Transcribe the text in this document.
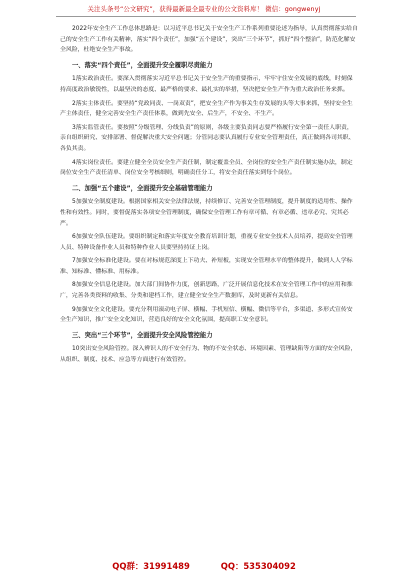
关注头条号“公文研究”，获得最新最全最专业的公文资料库！ 微信：gongwenyj

2022年安全生产工作总体思路是：以习近平总书记关于安全生产工作系列重要论述为指导，认真贯彻落实给自己的安全生产工作有关精神，落实“四个责任”，加强“五个建设”，突出“三个环节”，抓好“四个整治”，防范化解安全风险，杜绝安全生产事故。

一、落实“四个责任”，全面提升安全履职尽责能力

1落实政治责任。要深入贯彻落实习近平总书记关于安全生产的重要指示，牢牢守住安全发展的底线，时刻保持高度政治敏锐性，以最坚决的态度、最严格的要求、最扎实的举措，坚决把安全生产作为重大政治任务来抓。

2落实主体责任。要坚持“党政同责、一岗双责”，把安全生产作为事关生存发展的头等大事来抓，坚持安全生产主体责任，健全完善安全生产责任体系，做到先安全、后生产，不安全、不生产。

3落实监管责任。要按照“分级管理、分线负责”的原则，各级主要负责同志要严格履行安全第一责任人职责，亲自组织研究、安排部署、督促解决重大安全问题；分管同志要认真履行专业安全管理责任，真正做到各司其职、各负其责。

4落实岗位责任。要建立健全全员安全生产责任制，制定覆盖全员、全岗位的安全生产责任制实施办法，制定岗位安全生产责任清单、岗位安全考核细则，明确责任分工，将安全责任落实到每个岗位。

二、加强“五个建设”，全面提升安全基础管理能力

5加强安全制度建设。根据国家相关安全法律法规，持续修订、完善安全管理制度，提升制度的适用性、操作性和有效性。同时，要督促落实各项安全管理制度，确保安全管理工作有章可循、有章必循、违章必究、究其必严。

6加强安全队伍建设。要组织制定和落实年度安全教育培训计划，重视专业安全技术人员培养，提高安全管理人员、特种设备作业人员和特种作业人员要坚持持证上岗。

7加强安全标准化建设。要在对标规范深度上下功夫、补短板，实现安全管理水平的整体提升，做到人人学标准、知标准、懂标准、用标准。

8加强安全信息化建设。加大部门间协作力度，创新思路，广泛开展信息化技术在安全管理工作中的应用和推广，完善各类资料的收集、分类和建档工作，建立健全安全生产数据库，及时更新有关信息。

9加强安全文化建设。要充分利用滚动电子屏、横幅、手机短信、横幅、微信等平台，多渠道、多形式宣传安全生产知识，推广安全文化知识，营造良好的安全文化氛围，提高职工安全意识。

三、突出“三个环节”，全面提升安全风险管控能力

10突出安全风险管控。深入辨识人的不安全行为、物的不安全状态、环境因素、管理缺陷等方面的安全风险，从组织、制度、技术、应急等方面进行有效管控。

QQ群：31991489	QQ：535304092
